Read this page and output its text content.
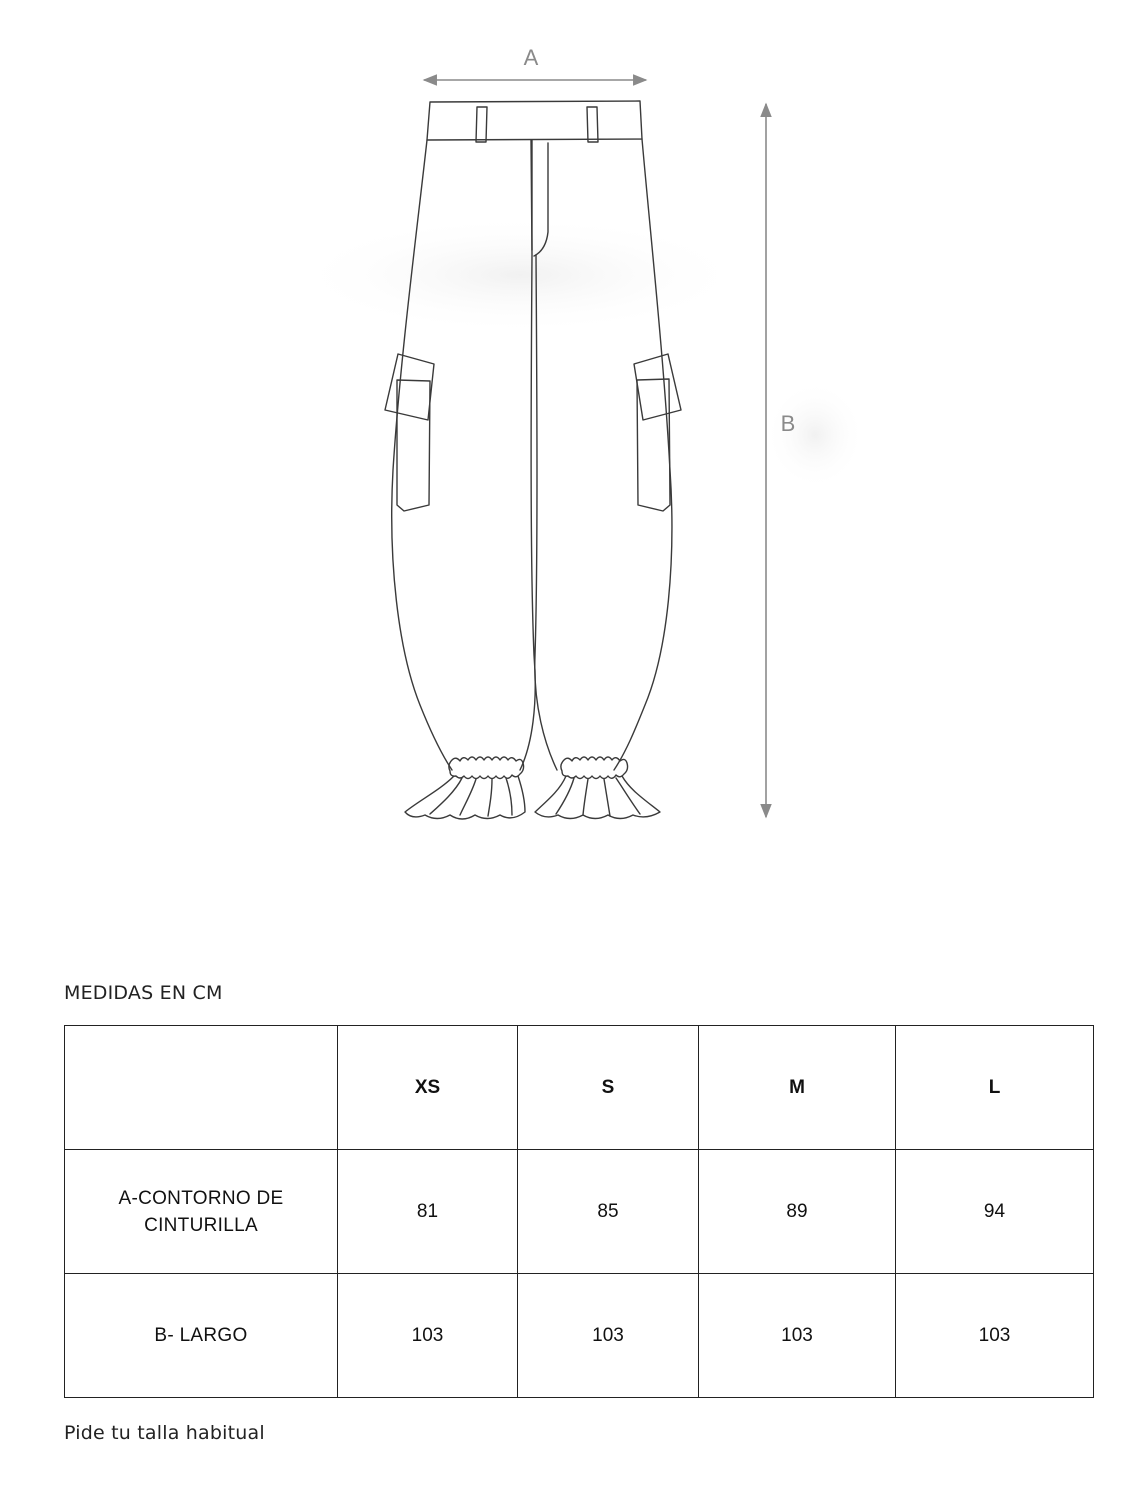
A
B
MEDIDAS EN CM
	XS	S	M	L
A-CONTORNO DE CINTURILLA	81	85	89	94
B- LARGO	103	103	103	103
Pide tu talla habitual
